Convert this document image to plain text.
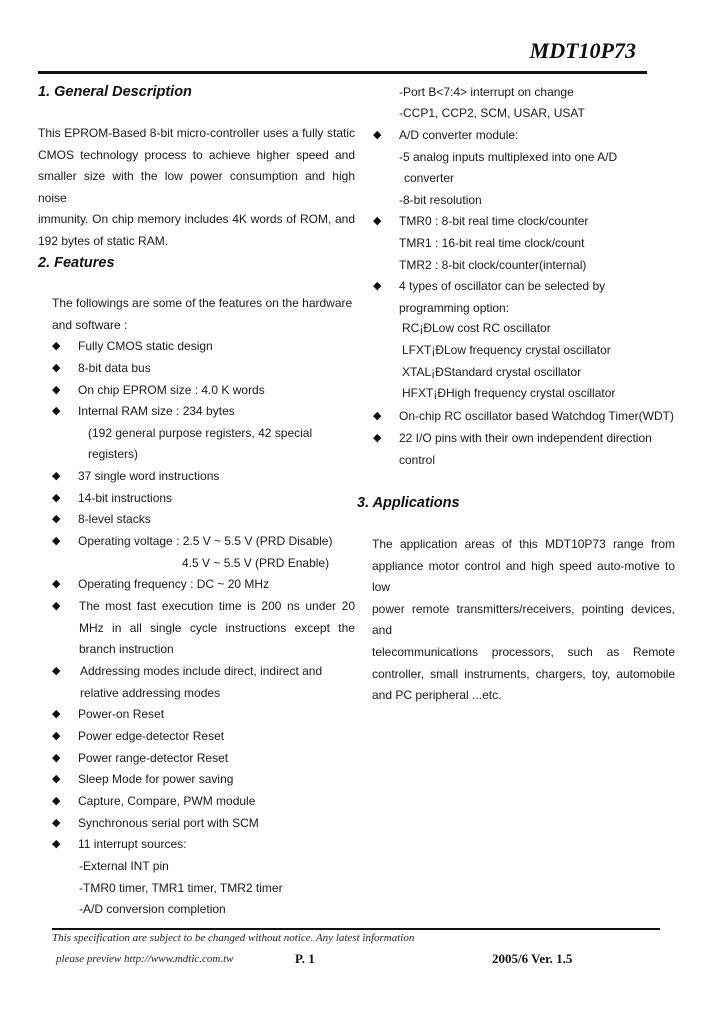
MDT10P73
1. General Description

This EPROM-Based 8-bit micro-controller uses a fully static

CMOS technology process to achieve higher speed and

smaller size with the low power consumption and high noise

immunity. On chip memory includes 4K words of ROM, and

192 bytes of static RAM.

2. Features
The followings are some of the features on the hardware
and software :
◆ Fully CMOS static design
◆ 8-bit data bus
◆ On chip EPROM size : 4.0 K words
◆ Internal RAM size : 234 bytes
(192 general purpose registers, 42 special
registers)
◆ 37 single word instructions
◆ 14-bit instructions
◆ 8-level stacks
◆ Operating voltage : 2.5 V ~ 5.5 V (PRD Disable)
4.5 V ~ 5.5 V (PRD Enable)
◆ Operating frequency : DC ~ 20 MHz
◆ The most fast execution time is 200 ns under 20

MHz in all single cycle instructions except the

branch instruction

◆ Addressing modes include direct, indirect and
relative addressing modes
◆ Power-on Reset
◆ Power edge-detector Reset
◆ Power range-detector Reset
◆ Sleep Mode for power saving
◆ Capture, Compare, PWM module
◆ Synchronous serial port with SCM
◆ 11 interrupt sources:
-External INT pin
-TMR0 timer, TMR1 timer, TMR2 timer
-A/D conversion completion
-Port B<7:4> interrupt on change
-CCP1, CCP2, SCM, USAR, USAT
◆ A/D converter module:
-5 analog inputs multiplexed into one A/D
converter
-8-bit resolution
◆ TMR0 : 8-bit real time clock/counter
TMR1 : 16-bit real time clock/count
TMR2 : 8-bit clock/counter(internal)
◆ 4 types of oscillator can be selected by
programming option:
RC¡ÐLow cost RC oscillator
LFXT¡ÐLow frequency crystal oscillator
XTAL¡ÐStandard crystal oscillator
HFXT¡ÐHigh frequency crystal oscillator
◆ On-chip RC oscillator based Watchdog Timer(WDT)
◆ 22 I/O pins with their own independent direction
control
3. Applications

The application areas of this MDT10P73 range from

appliance motor control and high speed auto-motive to low

power remote transmitters/receivers, pointing devices, and

telecommunications processors, such as Remote

controller, small instruments, chargers, toy, automobile

and PC peripheral ...etc.

This specification are subject to be changed without notice. Any latest information
please preview http://www.mdtic.com.tw	P. 1	2005/6 Ver. 1.5
